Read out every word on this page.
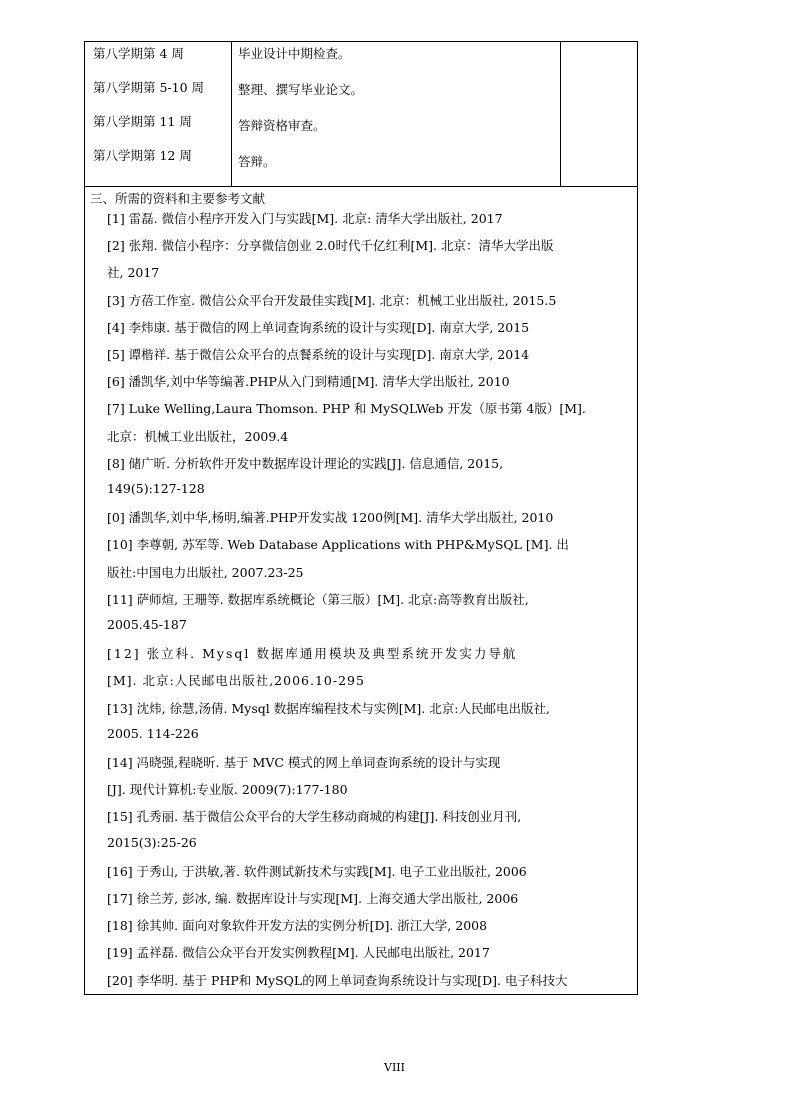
第八学期第 4 周	毕业设计中期检查。
第八学期第 5-10 周	整理、撰写毕业论文。
第八学期第 11 周	答辩资格审查。
第八学期第 12 周	答辩。
三、所需的资料和主要参考文献
[1] 雷磊. 微信小程序开发入门与实践[M]. 北京: 清华大学出版社, 2017
[2] 张翔. 微信小程序：分享微信创业 2.0时代千亿红利[M]. 北京：清华大学出版
社, 2017
[3] 方蓓工作室. 微信公众平台开发最佳实践[M]. 北京：机械工业出版社, 2015.5
[4] 李炜康. 基于微信的网上单词查询系统的设计与实现[D]. 南京大学, 2015
[5] 谭楷祥. 基于微信公众平台的点餐系统的设计与实现[D]. 南京大学, 2014
[6] 潘凯华,刘中华等编著.PHP从入门到精通[M]. 清华大学出版社, 2010
[7] Luke Welling,Laura Thomson. PHP 和 MySQLWeb 开发（原书第 4版）[M].
北京：机械工业出版社，2009.4
[8] 储广昕. 分析软件开发中数据库设计理论的实践[J]. 信息通信, 2015,
149(5):127-128
[0] 潘凯华,刘中华,杨明,编著.PHP开发实战 1200例[M]. 清华大学出版社, 2010
[10] 李尊朝, 苏军等. Web Database Applications with PHP&MySQL [M]. 出
版社:中国电力出版社, 2007.23-25
[11] 萨师煊, 王珊等. 数据库系统概论（第三版）[M]. 北京:高等教育出版社,
2005.45-187
[12] 张立科. Mysql 数据库通用模块及典型系统开发实力导航
[M]. 北京:人民邮电出版社,2006.10-295
[13] 沈炜, 徐慧,汤倩. Mysql 数据库编程技术与实例[M]. 北京:人民邮电出版社,
2005. 114-226
[14] 冯晓强,程晓昕. 基于 MVC 模式的网上单词查询系统的设计与实现
[J]. 现代计算机:专业版. 2009(7):177-180
[15] 孔秀丽. 基于微信公众平台的大学生移动商城的构建[J]. 科技创业月刊,
2015(3):25-26
[16] 于秀山, 于洪敏,著. 软件测试新技术与实践[M]. 电子工业出版社, 2006
[17] 徐兰芳, 彭冰, 编. 数据库设计与实现[M]. 上海交通大学出版社, 2006
[18] 徐其帅. 面向对象软件开发方法的实例分析[D]. 浙江大学, 2008
[19] 孟祥磊. 微信公众平台开发实例教程[M]. 人民邮电出版社, 2017
[20] 李华明. 基于 PHP和 MySQL的网上单词查询系统设计与实现[D]. 电子科技大
VIII
